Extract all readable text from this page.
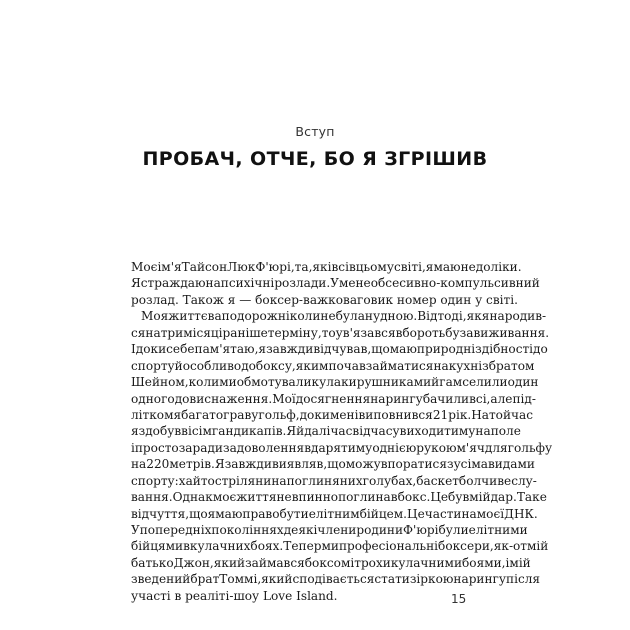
Вступ
ПРОБАЧ, ОТЧЕ, БО Я ЗГРІШИВ
Моє ім'я Тайсон Люк Ф'юрі, та, як і всі в цьому світі, я маю недоліки.
Я страждаю на психічні розлади. У мене обсесивно-компульсивний
розлад. Також я — боксер-важковаговик номер один у світі.
Моя життєва подорож ніколи не була нудною. Відтоді, як я народив-
ся на три місяці раніше терміну, то ув'язався в боротьбу за виживання.
І доки себе пам'ятаю, я завжди відчував, що маю природні здібності до
спорту й особливо до боксу, яким почав займатися на кухні з братом
Шейном, коли ми обмотували кулаки рушниками й гамселили один
одного до виснаження. Мої досягнення на рингу бачили всі, але під-
літком я багато грав у гольф, доки мені виповнився 21 рік. На той час
я здобув вісім гандикапів. Я й далі час від часу виходитиму на поле
і просто заради задоволення вдарятиму однією рукою м'яч для гольфу
на 220 метрів. Я завжди виявляв, що можу впоратися з усіма видами
спорту: хай то стрілянина по глиняних голубах, баскетбол чи веслу-
вання. Однак моє життя невпинно поглинав бокс. Це був мій дар. Таке
відчуття, що я маю право бути елітним бійцем. Це частина моєї ДНК.
У попередніх поколіннях деякі члени родини Ф'юрі були елітними
бійцями в кулачних боях. Тепер ми професіональні боксери, як-от мій
батько Джон, який займався боксом і трохи кулачними боями, і мій
зведений брат Томмі, який сподівається стати зіркою на рингу після
участі в реаліті-шоу Love Island.	15
